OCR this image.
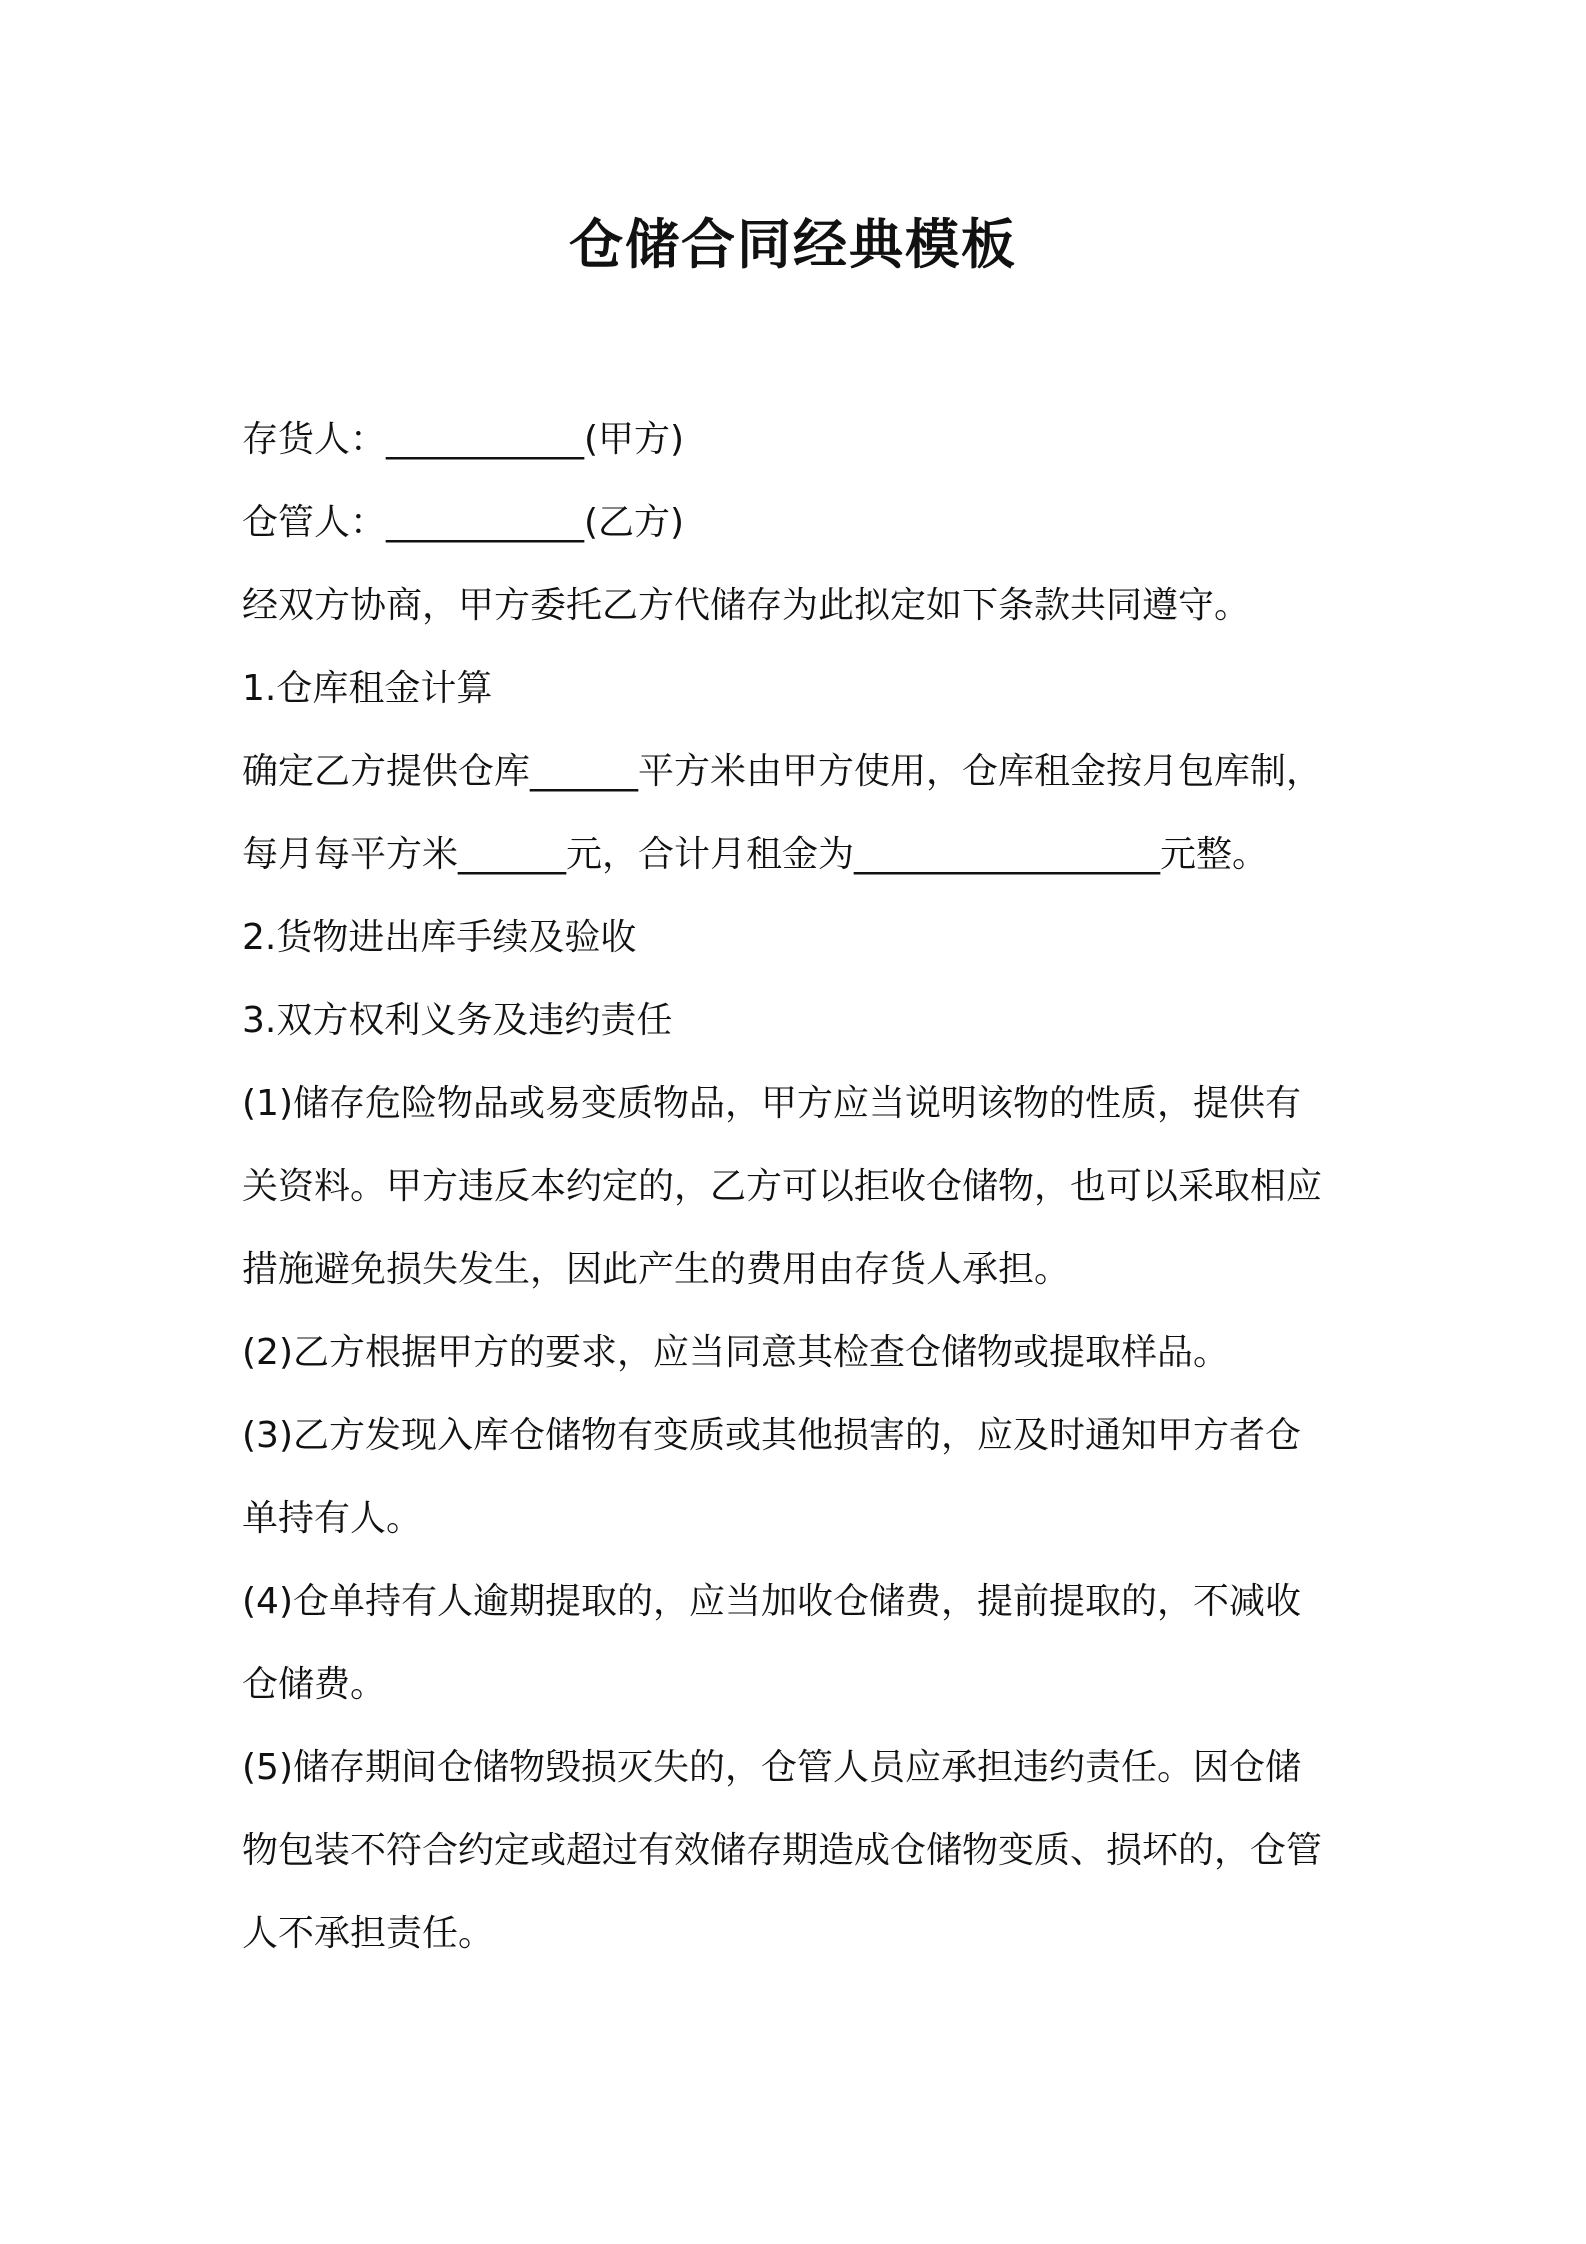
仓储合同经典模板
存货人：___________(甲方)
仓管人：___________(乙方)
经双方协商，甲方委托乙方代储存为此拟定如下条款共同遵守。
1.仓库租金计算
确定乙方提供仓库______平方米由甲方使用，仓库租金按月包库制，
每月每平方米______元，合计月租金为_________________元整。
2.货物进出库手续及验收
3.双方权利义务及违约责任
(1)储存危险物品或易变质物品，甲方应当说明该物的性质，提供有
关资料。甲方违反本约定的，乙方可以拒收仓储物，也可以采取相应
措施避免损失发生，因此产生的费用由存货人承担。
(2)乙方根据甲方的要求，应当同意其检查仓储物或提取样品。
(3)乙方发现入库仓储物有变质或其他损害的，应及时通知甲方者仓
单持有人。
(4)仓单持有人逾期提取的，应当加收仓储费，提前提取的，不减收
仓储费。
(5)储存期间仓储物毁损灭失的，仓管人员应承担违约责任。因仓储
物包装不符合约定或超过有效储存期造成仓储物变质、损坏的，仓管
人不承担责任。
